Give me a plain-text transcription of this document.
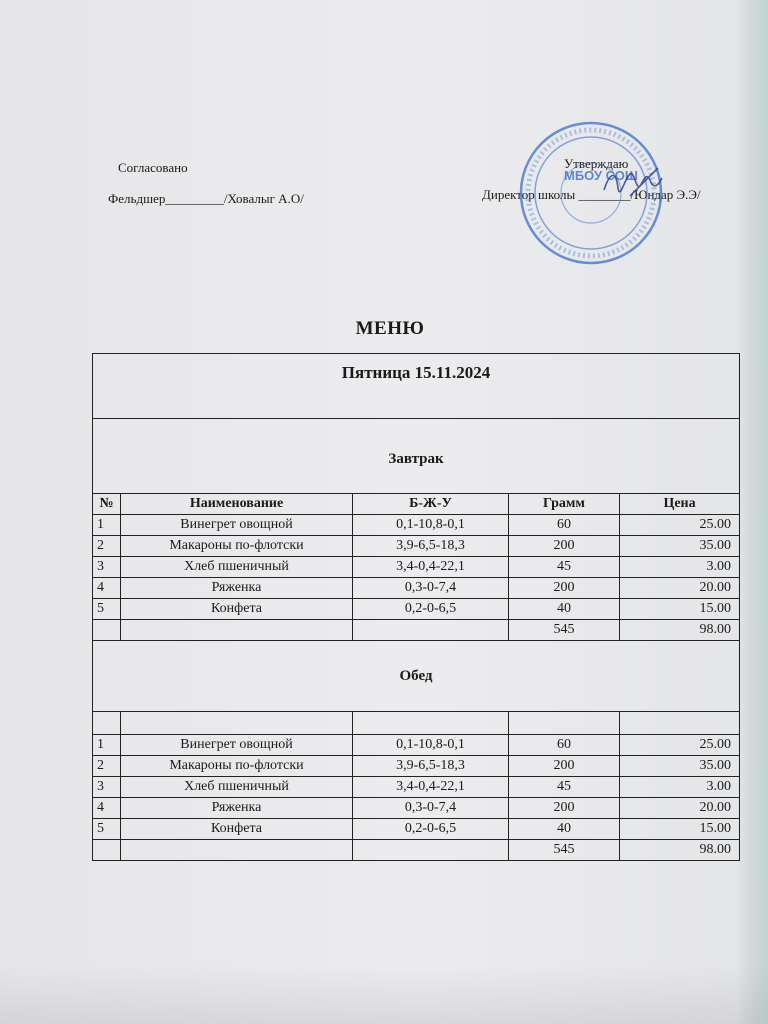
Согласовано
Фельдшер_________/Ховалыг А.О/
Утверждаю
Директор школы ________/Юндар Э.Э/
МБОУ СОШ
МЕНЮ
Пятница 15.11.2024				
Завтрак				
№	Наименование	Б-Ж-У	Грамм	Цена
1	Винегрет овощной	0,1-10,8-0,1	60	25.00
2	Макароны по-флотски	3,9-6,5-18,3	200	35.00
3	Хлеб пшеничный	3,4-0,4-22,1	45	3.00
4	Ряженка	0,3-0-7,4	200	20.00
5	Конфета	0,2-0-6,5	40	15.00
			545	98.00
Обед				

1	Винегрет овощной	0,1-10,8-0,1	60	25.00
2	Макароны по-флотски	3,9-6,5-18,3	200	35.00
3	Хлеб пшеничный	3,4-0,4-22,1	45	3.00
4	Ряженка	0,3-0-7,4	200	20.00
5	Конфета	0,2-0-6,5	40	15.00
			545	98.00
